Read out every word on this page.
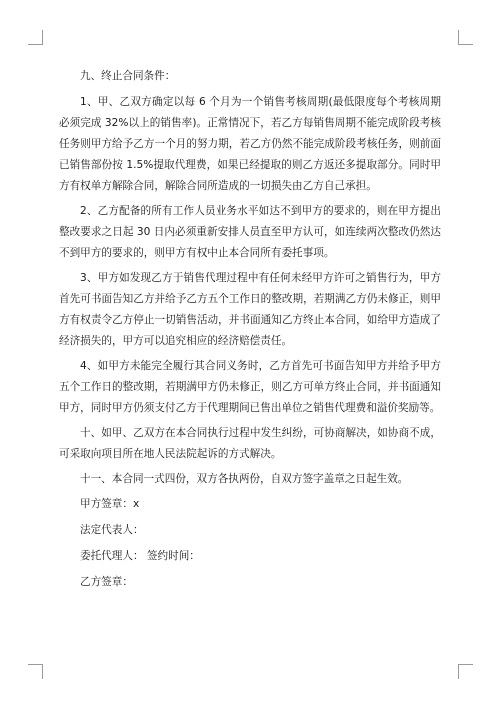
九、终止合同条件：

1、甲、乙双方确定以每 6 个月为一个销售考核周期(最低限度每个考核周期必须完成 32%以上的销售率)。正常情况下，若乙方每销售周期不能完成阶段考核任务则甲方给予乙方一个月的努力期，若乙方仍然不能完成阶段考核任务，则前面已销售部份按 1.5%提取代理费，如果已经提取的则乙方返还多提取部分。同时甲方有权单方解除合同，解除合同所造成的一切损失由乙方自己承担。

2、乙方配备的所有工作人员业务水平如达不到甲方的要求的，则在甲方提出整改要求之日起 30 日内必须重新安排人员直至甲方认可，如连续两次整改仍然达不到甲方的要求的，则甲方有权中止本合同所有委托事项。

3、甲方如发现乙方于销售代理过程中有任何未经甲方许可之销售行为，甲方首先可书面告知乙方并给予乙方五个工作日的整改期，若期满乙方仍未修正，则甲方有权责令乙方停止一切销售活动，并书面通知乙方终止本合同，如给甲方造成了经济损失的，甲方可以追究相应的经济赔偿责任。

4、如甲方未能完全履行其合同义务时，乙方首先可书面告知甲方并给予甲方五个工作日的整改期，若期满甲方仍未修正，则乙方可单方终止合同，并书面通知甲方，同时甲方仍须支付乙方于代理期间已售出单位之销售代理费和溢价奖励等。

十、如甲、乙双方在本合同执行过程中发生纠纷，可协商解决，如协商不成，可采取向项目所在地人民法院起诉的方式解决。

十一、本合同一式四份，双方各执两份，自双方签字盖章之日起生效。

甲方签章：x

法定代表人：

委托代理人： 签约时间：

乙方签章：
